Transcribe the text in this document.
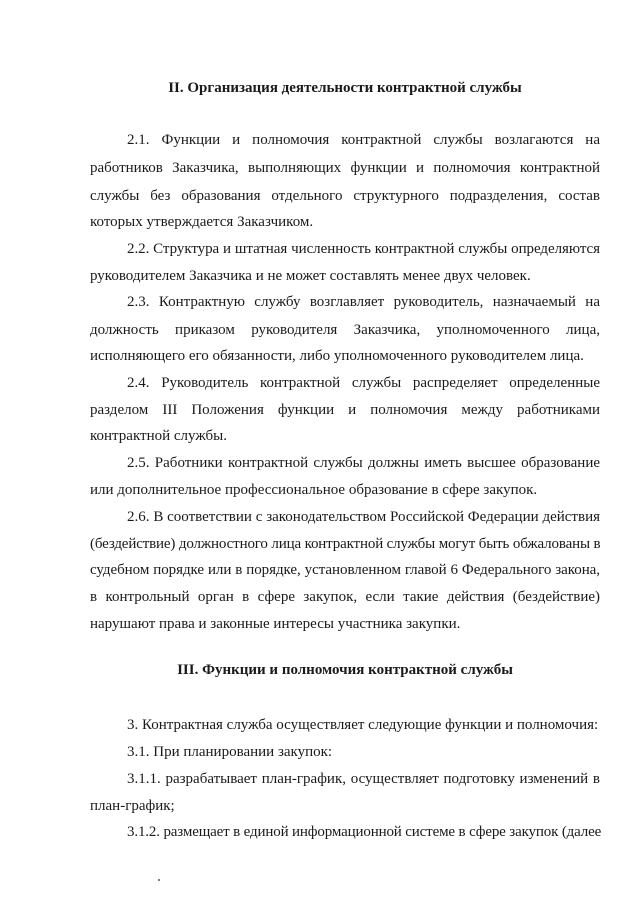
II. Организация деятельности контрактной службы
2.1. Функции и полномочия контрактной службы возлагаются на
работников Заказчика, выполняющих функции и полномочия контрактной
службы без образования отдельного структурного подразделения, состав
которых утверждается Заказчиком.
2.2. Структура и штатная численность контрактной службы определяются
руководителем Заказчика и не может составлять менее двух человек.
2.3. Контрактную службу возглавляет руководитель, назначаемый на
должность приказом руководителя Заказчика, уполномоченного лица,
исполняющего его обязанности, либо уполномоченного руководителем лица.
2.4. Руководитель контрактной службы распределяет определенные
разделом III Положения функции и полномочия между работниками
контрактной службы.
2.5. Работники контрактной службы должны иметь высшее образование
или дополнительное профессиональное образование в сфере закупок.
2.6. В соответствии с законодательством Российской Федерации действия
(бездействие) должностного лица контрактной службы могут быть обжалованы в
судебном порядке или в порядке, установленном главой 6 Федерального закона,
в контрольный орган в сфере закупок, если такие действия (бездействие)
нарушают права и законные интересы участника закупки.
III. Функции и полномочия контрактной службы
3. Контрактная служба осуществляет следующие функции и полномочия:
3.1. При планировании закупок:
3.1.1. разрабатывает план-график, осуществляет подготовку изменений в
план-график;
3.1.2. размещает в единой информационной системе в сфере закупок (далее
